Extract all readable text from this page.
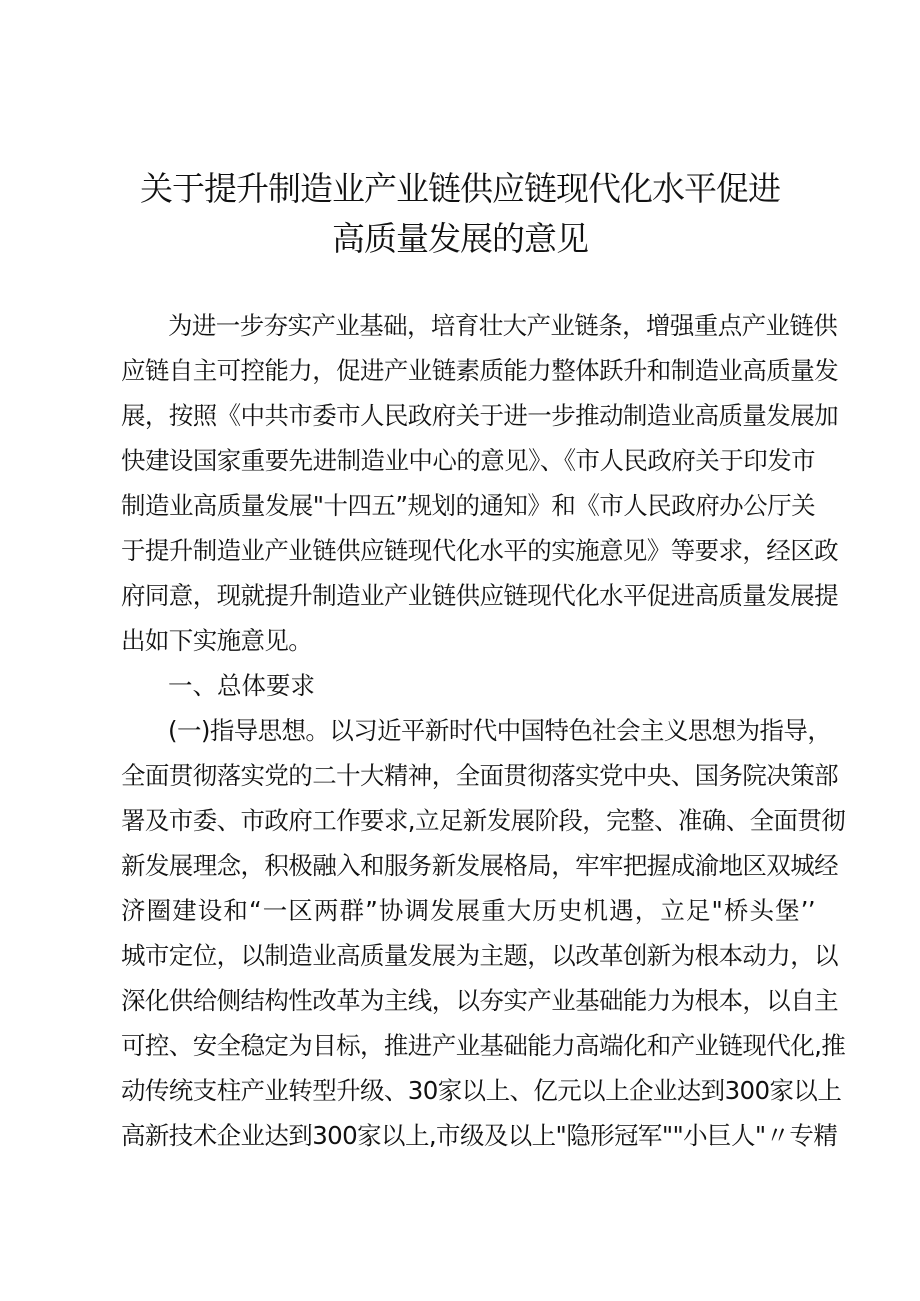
关于提升制造业产业链供应链现代化水平促进
高质量发展的意见
为进一步夯实产业基础，培育壮大产业链条，增强重点产业链供
应链自主可控能力，促进产业链素质能力整体跃升和制造业高质量发
展，按照《中共市委市人民政府关于进一步推动制造业高质量发展加
快建设国家重要先进制造业中心的意见》、《市人民政府关于印发市
制造业高质量发展"十四五”规划的通知》和《市人民政府办公厅关
于提升制造业产业链供应链现代化水平的实施意见》等要求，经区政
府同意，现就提升制造业产业链供应链现代化水平促进高质量发展提
出如下实施意见。
一、总体要求
(一)指导思想。以习近平新时代中国特色社会主义思想为指导，
全面贯彻落实党的二十大精神，全面贯彻落实党中央、国务院决策部
署及市委、市政府工作要求,立足新发展阶段，完整、准确、全面贯彻
新发展理念，积极融入和服务新发展格局，牢牢把握成渝地区双城经
济圈建设和“一区两群”协调发展重大历史机遇，立足"桥头堡’’
城市定位，以制造业高质量发展为主题，以改革创新为根本动力，以
深化供给侧结构性改革为主线，以夯实产业基础能力为根本，以自主
可控、安全稳定为目标，推进产业基础能力高端化和产业链现代化,推
动传统支柱产业转型升级、30家以上、亿元以上企业达到300家以上
高新技术企业达到300家以上,市级及以上"隐形冠军""小巨人"〃专精
